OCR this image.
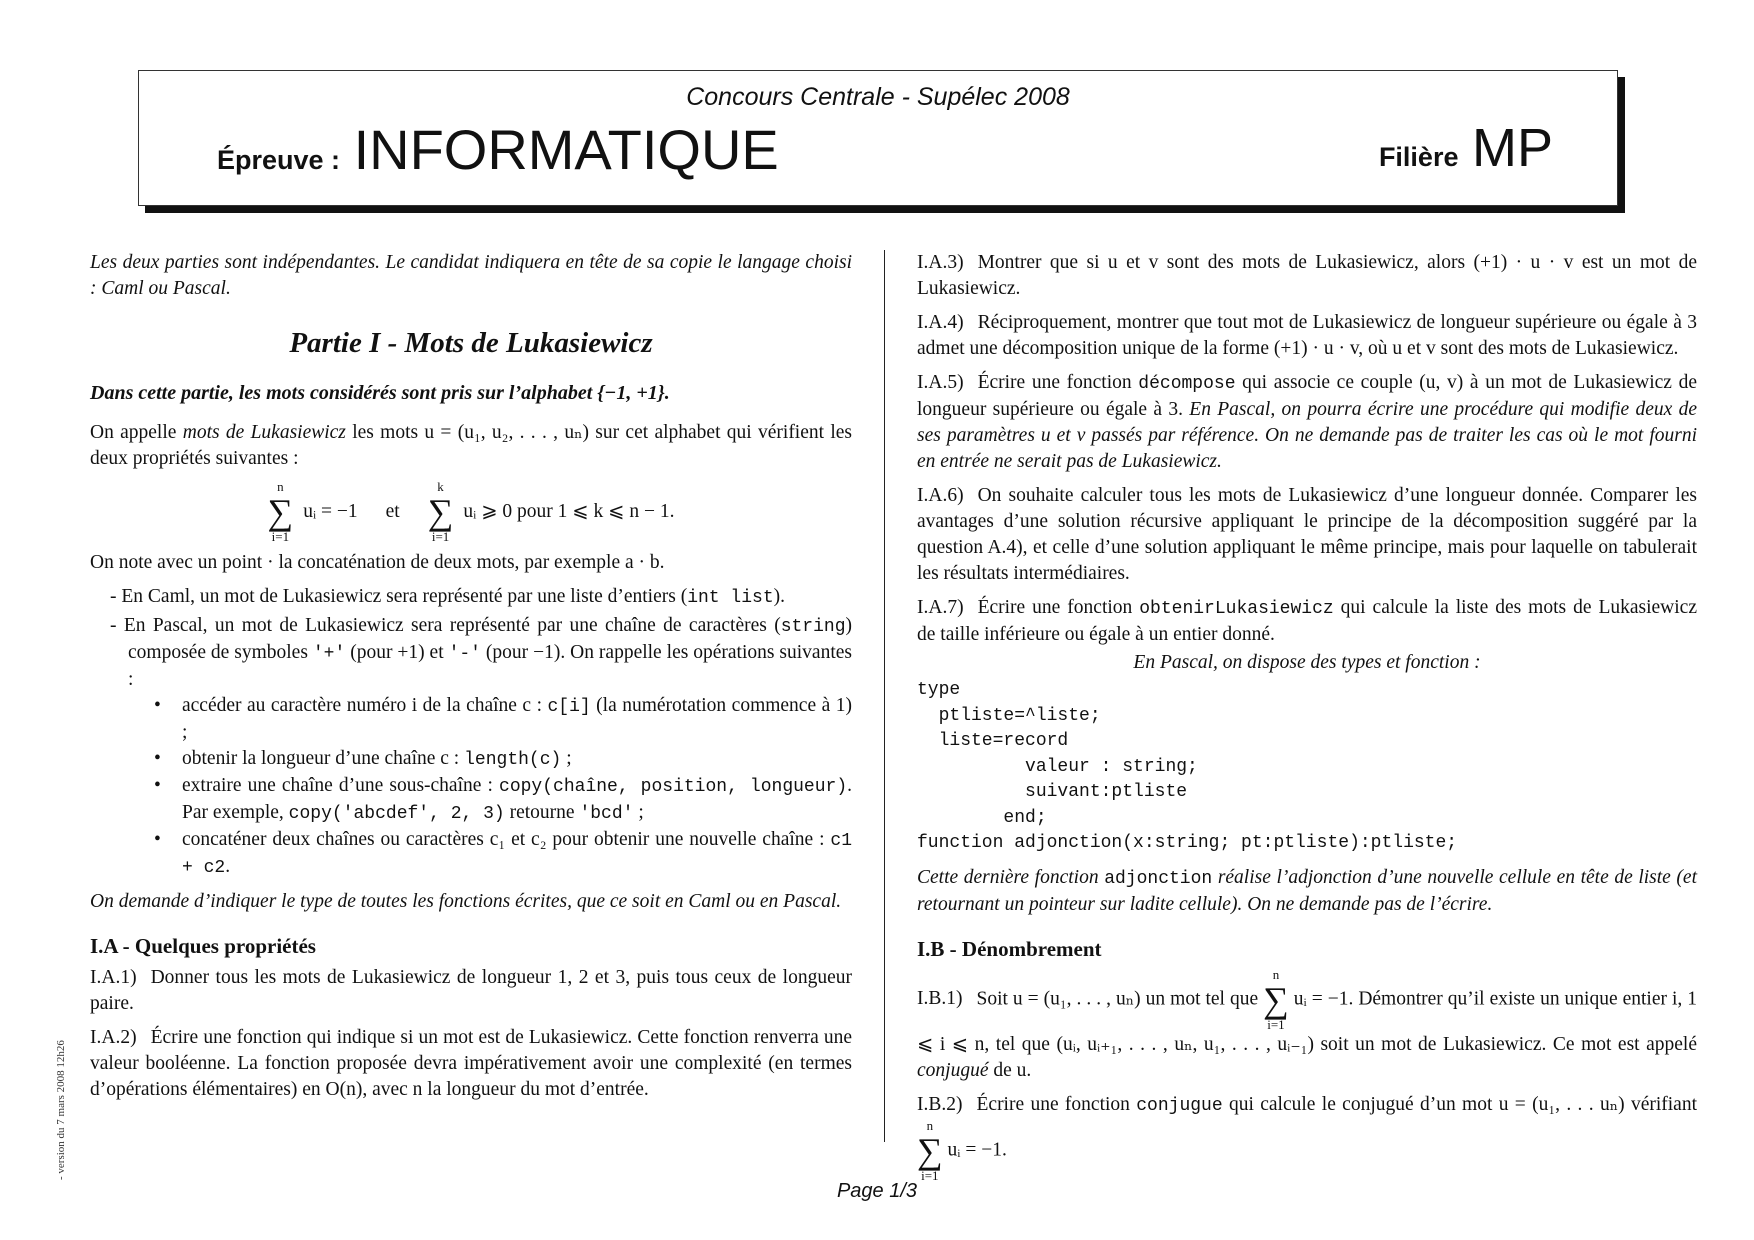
Concours Centrale - Supélec 2008
Épreuve : INFORMATIQUE	Filière MP

Les deux parties sont indépendantes. Le candidat indiquera en tête de sa copie le langage choisi : Caml ou Pascal.

Partie I - Mots de Lukasiewicz

Dans cette partie, les mots considérés sont pris sur l’alphabet {−1, +1}.

On appelle mots de Lukasiewicz les mots u = (u₁, u₂, . . . , uₙ) sur cet alphabet qui vérifient les deux propriétés suivantes :

n
∑
i=1
uᵢ = −1 et
k
∑
i=1
uᵢ ⩾ 0 pour 1 ⩽ k ⩽ n − 1.

On note avec un point · la concaténation de deux mots, par exemple a · b.

- En Caml, un mot de Lukasiewicz sera représenté par une liste d’entiers (int list).
- En Pascal, un mot de Lukasiewicz sera représenté par une chaîne de caractères (string) composée de symboles '+' (pour +1) et '-' (pour −1). On rappelle les opérations suivantes :
• accéder au caractère numéro i de la chaîne c : c[i] (la numérotation commence à 1) ;
• obtenir la longueur d’une chaîne c : length(c) ;
• extraire une chaîne d’une sous-chaîne : copy(chaîne, position, longueur). Par exemple, copy('abcdef', 2, 3) retourne 'bcd' ;
• concaténer deux chaînes ou caractères c₁ et c₂ pour obtenir une nouvelle chaîne : c1 + c2.

On demande d’indiquer le type de toutes les fonctions écrites, que ce soit en Caml ou en Pascal.

I.A - Quelques propriétés

I.A.1) Donner tous les mots de Lukasiewicz de longueur 1, 2 et 3, puis tous ceux de longueur paire.

I.A.2) Écrire une fonction qui indique si un mot est de Lukasiewicz. Cette fonction renverra une valeur booléenne. La fonction proposée devra impérativement avoir une complexité (en termes d’opérations élémentaires) en O(n), avec n la longueur du mot d’entrée.

I.A.3) Montrer que si u et v sont des mots de Lukasiewicz, alors (+1) · u · v est un mot de Lukasiewicz.

I.A.4) Réciproquement, montrer que tout mot de Lukasiewicz de longueur supérieure ou égale à 3 admet une décomposition unique de la forme (+1) · u · v, où u et v sont des mots de Lukasiewicz.

I.A.5) Écrire une fonction décompose qui associe ce couple (u, v) à un mot de Lukasiewicz de longueur supérieure ou égale à 3. En Pascal, on pourra écrire une procédure qui modifie deux de ses paramètres u et v passés par référence. On ne demande pas de traiter les cas où le mot fourni en entrée ne serait pas de Lukasiewicz.

I.A.6) On souhaite calculer tous les mots de Lukasiewicz d’une longueur donnée. Comparer les avantages d’une solution récursive appliquant le principe de la décomposition suggéré par la question A.4), et celle d’une solution appliquant le même principe, mais pour laquelle on tabulerait les résultats intermédiaires.

I.A.7) Écrire une fonction obtenirLukasiewicz qui calcule la liste des mots de Lukasiewicz de taille inférieure ou égale à un entier donné.

En Pascal, on dispose des types et fonction :

type
ptliste=^liste;
liste=record
valeur : string;
suivant:ptliste
end;
function adjonction(x:string; pt:ptliste):ptliste;

Cette dernière fonction adjonction réalise l’adjonction d’une nouvelle cellule en tête de liste (et retournant un pointeur sur ladite cellule). On ne demande pas de l’écrire.

I.B - Dénombrement

I.B.1) Soit u = (u₁, . . . , uₙ) un mot tel que
n
∑
i=1
uᵢ = −1. Démontrer qu’il existe un unique entier i, 1 ⩽ i ⩽ n, tel que (uᵢ, uᵢ₊₁, . . . , uₙ, u₁, . . . , uᵢ₋₁) soit un mot de Lukasiewicz. Ce mot est appelé conjugué de u.

I.B.2) Écrire une fonction conjugue qui calcule le conjugué d’un mot u = (u₁, . . . uₙ) vérifiant
n
∑
i=1
uᵢ = −1.

- version du 7 mars 2008 12h26
Page 1/3
